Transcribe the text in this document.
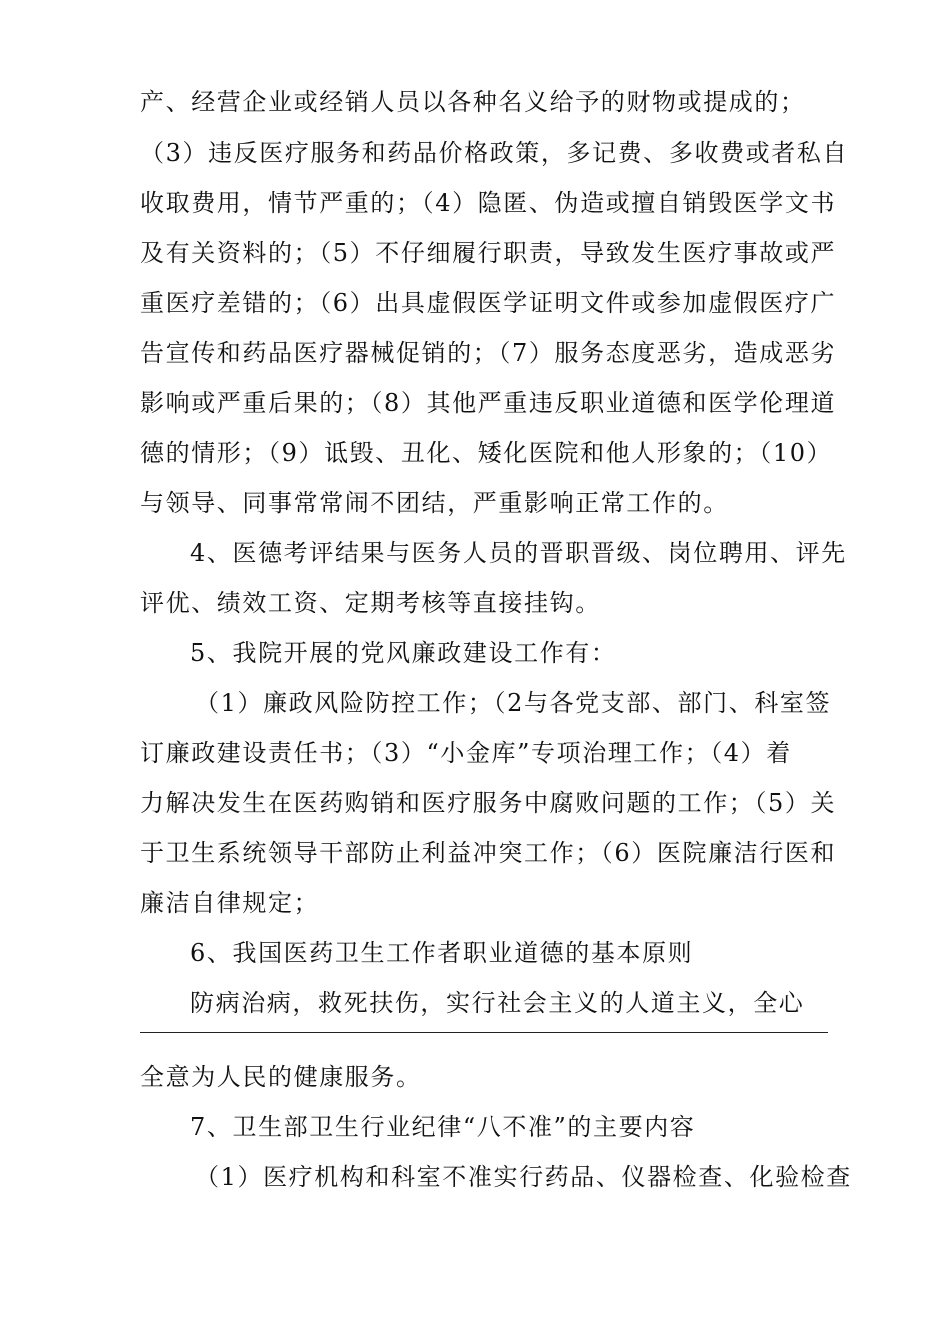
产、经营企业或经销人员以各种名义给予的财物或提成的；
（3）违反医疗服务和药品价格政策，多记费、多收费或者私自
收取费用，情节严重的；（4）隐匿、伪造或擅自销毁医学文书
及有关资料的；（5）不仔细履行职责，导致发生医疗事故或严
重医疗差错的；（6）出具虚假医学证明文件或参加虚假医疗广
告宣传和药品医疗器械促销的；（7）服务态度恶劣，造成恶劣
影响或严重后果的；（8）其他严重违反职业道德和医学伦理道
德的情形；（9）诋毁、丑化、矮化医院和他人形象的；（10）
与领导、同事常常闹不团结，严重影响正常工作的。
4、医德考评结果与医务人员的晋职晋级、岗位聘用、评先
评优、绩效工资、定期考核等直接挂钩。
5、我院开展的党风廉政建设工作有：
（1）廉政风险防控工作；（2与各党支部、部门、科室签
订廉政建设责任书；（3）“小金库”专项治理工作；（4）着
力解决发生在医药购销和医疗服务中腐败问题的工作；（5）关
于卫生系统领导干部防止利益冲突工作；（6）医院廉洁行医和
廉洁自律规定；
6、我国医药卫生工作者职业道德的基本原则
防病治病，救死扶伤，实行社会主义的人道主义，全心
全意为人民的健康服务。
7、卫生部卫生行业纪律“八不准”的主要内容
（1）医疗机构和科室不准实行药品、仪器检查、化验检查
